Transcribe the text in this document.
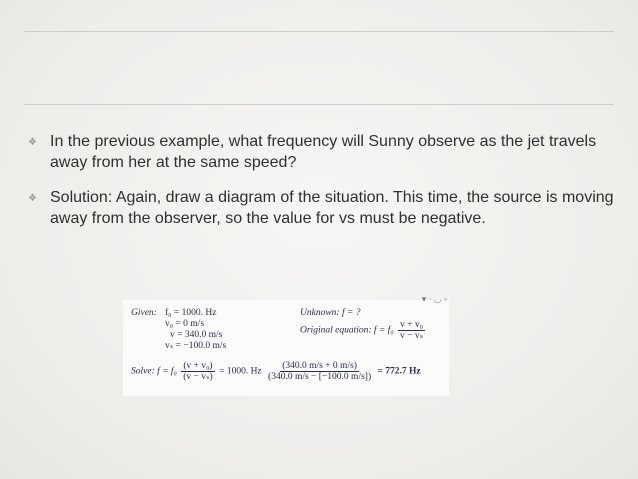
❖ In the previous example, what frequency will Sunny observe as the jet travels away from her at the same speed?
❖ Solution: Again, draw a diagram of the situation. This time, the source is moving away from the observer, so the value for vs must be negative.
▾ · ◡ ◦
Given: f₀ = 1000. Hz
v₀ = 0 m/s
v = 340.0 m/s
vₛ = −100.0 m/s
Unknown: f = ?
Original equation: $f = f_0 \frac{\text{v + v₀}}{\text{v − vₛ}}$
Solve: $f = f_0 \frac{\text{(v + v₀)}}{\text{(v − vₛ)}} = 1000$. Hz $\frac{(340.0 m/s + 0 m/s)}{(340.0 m/s - [-100.0 m/s])} = 772.7$ Hz
